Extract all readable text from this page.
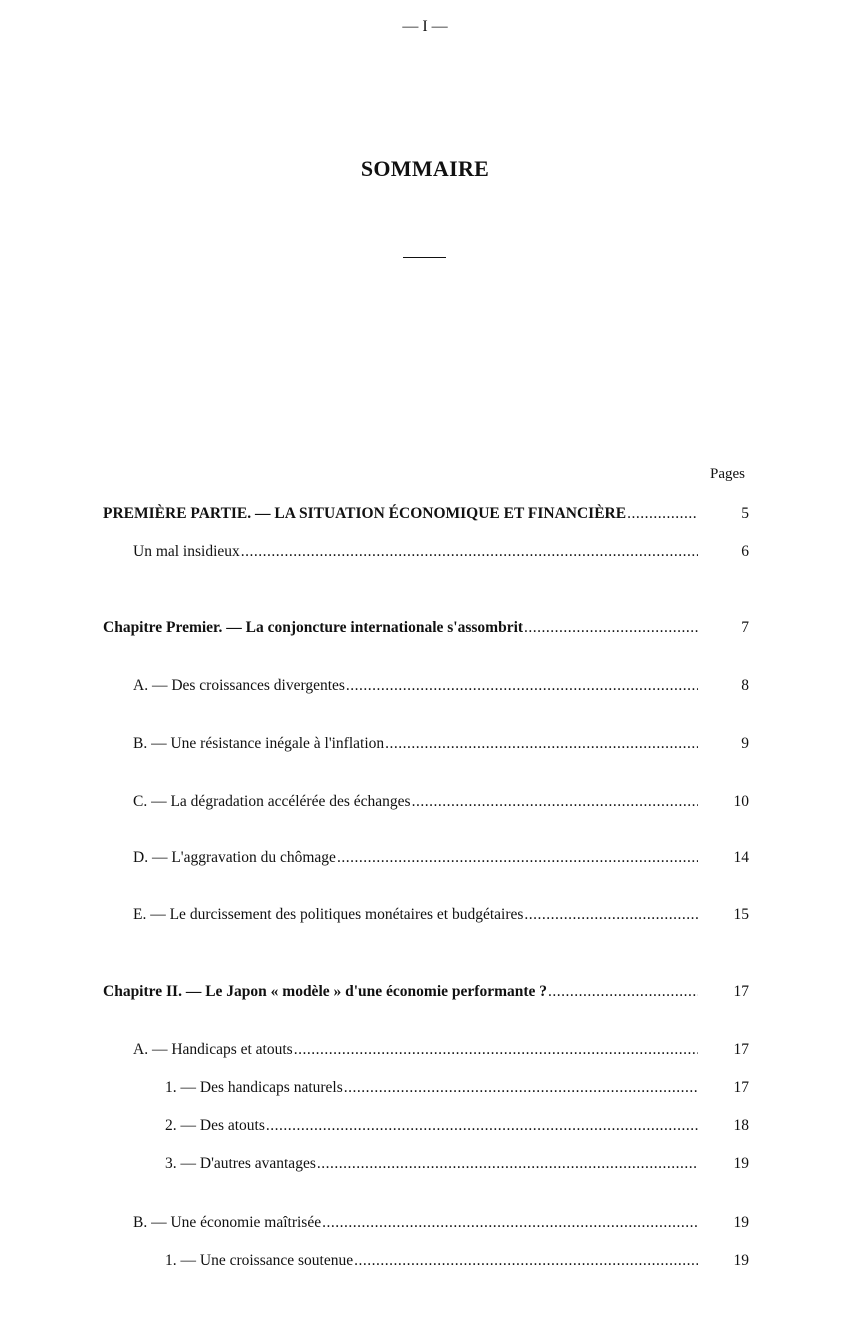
— I —
SOMMAIRE
Pages
PREMIÈRE PARTIE. — LA SITUATION ÉCONOMIQUE ET FINANCIÈRE .....	5
Un mal insidieux .....	6
Chapitre Premier. — La conjoncture internationale s'assombrit .....	7
A. — Des croissances divergentes .....	8
B. — Une résistance inégale à l'inflation .....	9
C. — La dégradation accélérée des échanges .....	10
D. — L'aggravation du chômage .....	14
E. — Le durcissement des politiques monétaires et budgétaires .....	15
Chapitre II. — Le Japon « modèle » d'une économie performante ? .....	17
A. — Handicaps et atouts .....	17
1. — Des handicaps naturels .....	17
2. — Des atouts .....	18
3. — D'autres avantages .....	19
B. — Une économie maîtrisée .....	19
1. — Une croissance soutenue .....	19
